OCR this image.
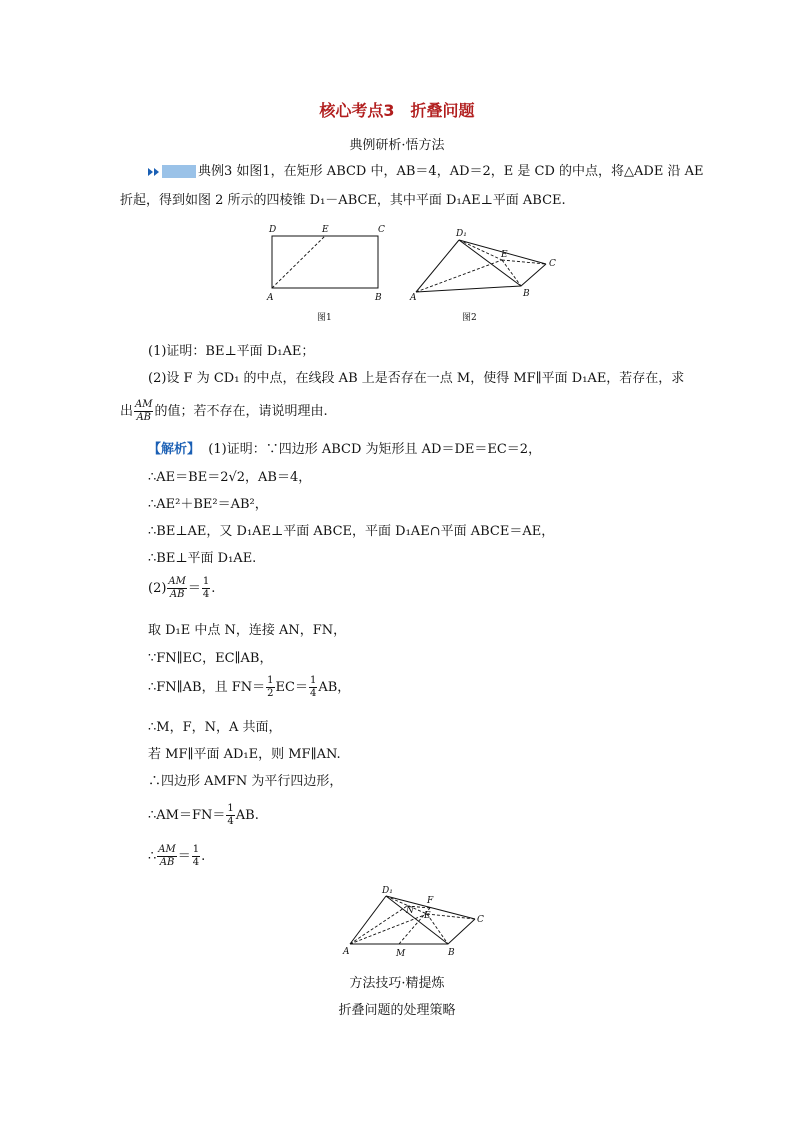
核心考点3　折叠问题
典例研析·悟方法
典例3 如图1，在矩形 ABCD 中，AB＝4，AD＝2，E 是 CD 的中点，将△ADE 沿 AE
折起，得到如图 2 所示的四棱锥 D₁－ABCE，其中平面 D₁AE⊥平面 ABCE.
D	E	C
A	B
图1
D₁
E
C
A	B
图2
(1)证明：BE⊥平面 D₁AE；
(2)设 F 为 CD₁ 的中点，在线段 AB 上是否存在一点 M，使得 MF∥平面 D₁AE，若存在，求
出 $\frac{AM}{AB}$ 的值；若不存在，请说明理由.
【解析】 (1)证明：∵四边形 ABCD 为矩形且 AD＝DE＝EC＝2，
∴AE＝BE＝2√2，AB＝4，
∴AE²＋BE²＝AB²，
∴BE⊥AE，又 D₁AE⊥平面 ABCE，平面 D₁AE∩平面 ABCE＝AE，
∴BE⊥平面 D₁AE.
$(2) \frac{AM}{AB} = \frac{1}{4}$ .
取 D₁E 中点 N，连接 AN，FN，
∵FN∥EC，EC∥AB，
∴FN∥AB，且 $FN= \frac{1}{2} EC= \frac{1}{4}$ AB，
∴M，F，N，A 共面，
若 MF∥平面 AD₁E，则 MF∥AN.
∴四边形 AMFN 为平行四边形，
∴AM＝FN＝ $\frac{1}{4}$ AB.
∴ $\frac{AM}{AB} = \frac{1}{4}$ .
D₁
F
N E	C
A	M	B
方法技巧·精提炼
折叠问题的处理策略
